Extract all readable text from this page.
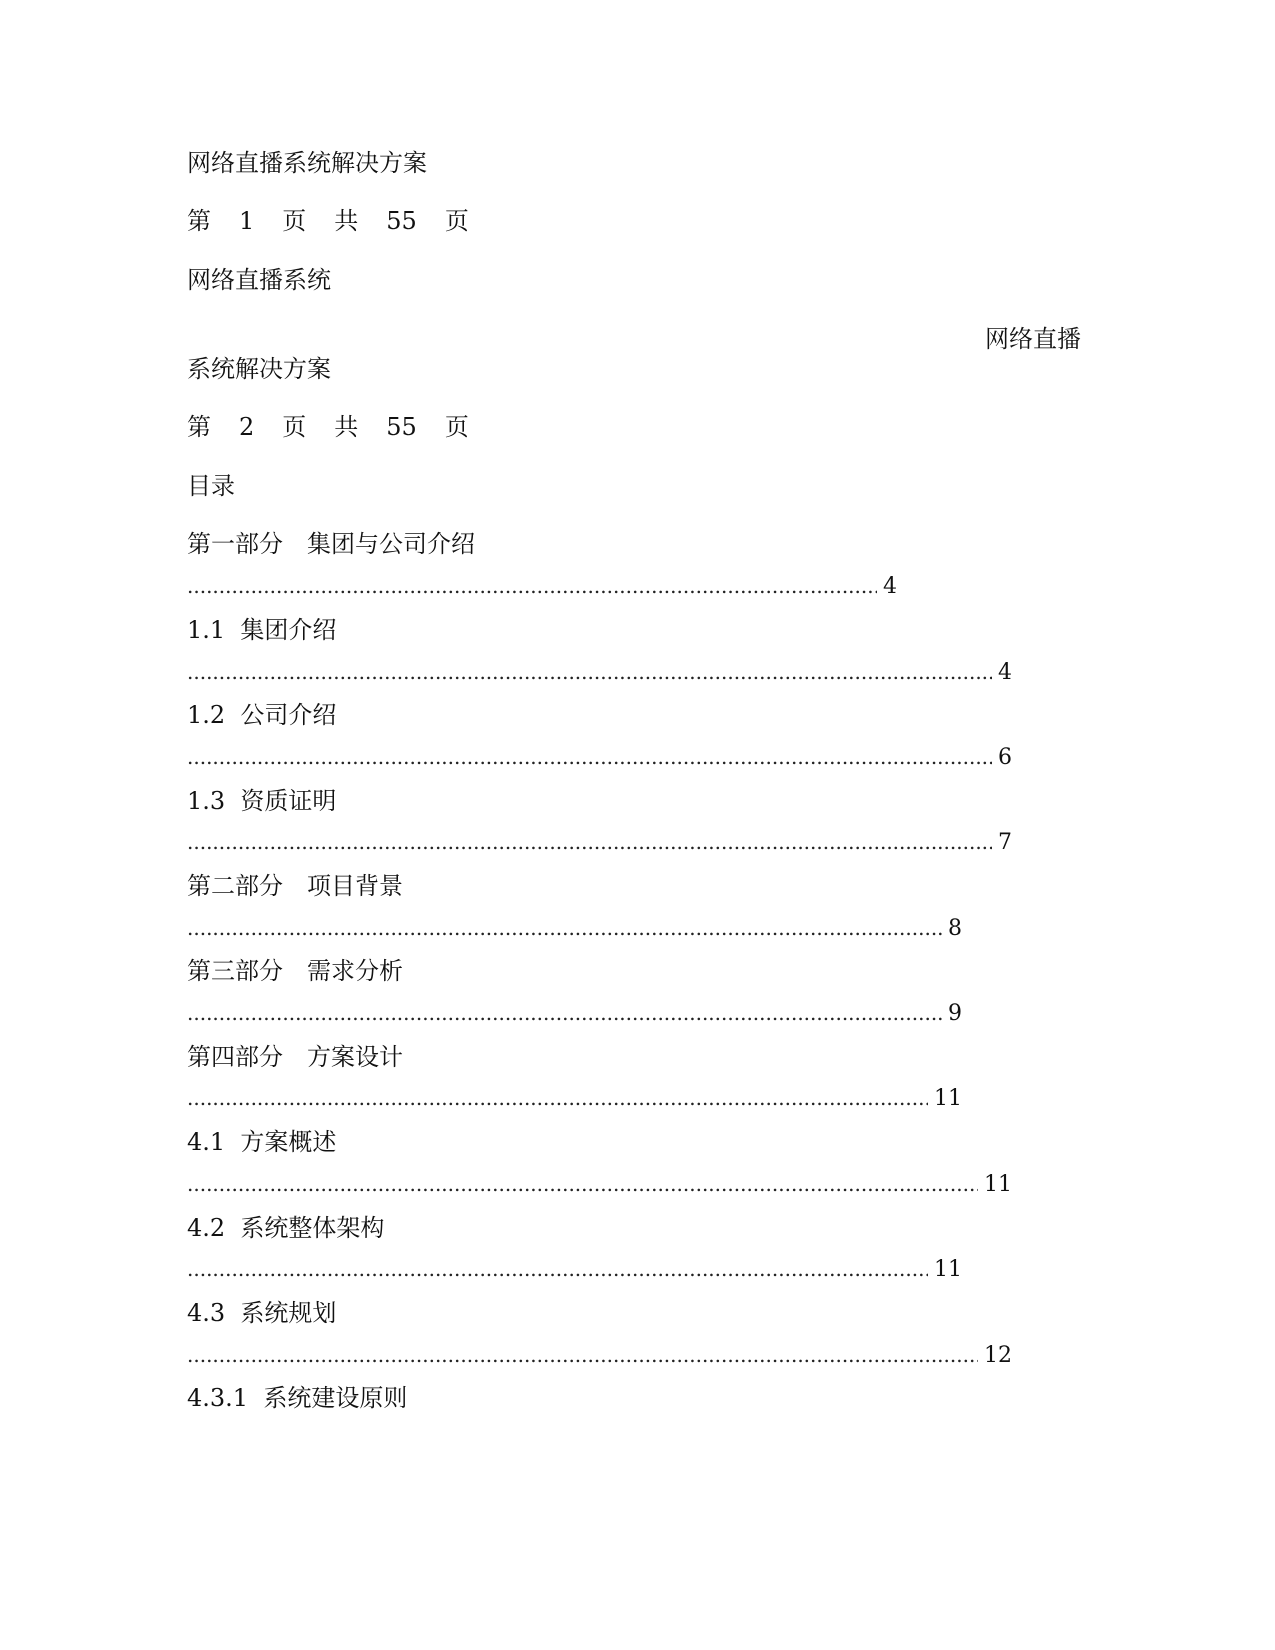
网络直播系统解决方案
第 1 页 共 55 页
网络直播系统
网络直播
系统解决方案
第 2 页 共 55 页
目录
第一部分　集团与公司介绍
.....
4
1.1  集团介绍
.....
4
1.2  公司介绍
.....
6
1.3  资质证明
.....
7
第二部分　项目背景
.....
8
第三部分　需求分析
.....
9
第四部分　方案设计
.....
11
4.1  方案概述
.....
11
4.2  系统整体架构
.....
11
4.3  系统规划
.....
12
4.3.1  系统建设原则
